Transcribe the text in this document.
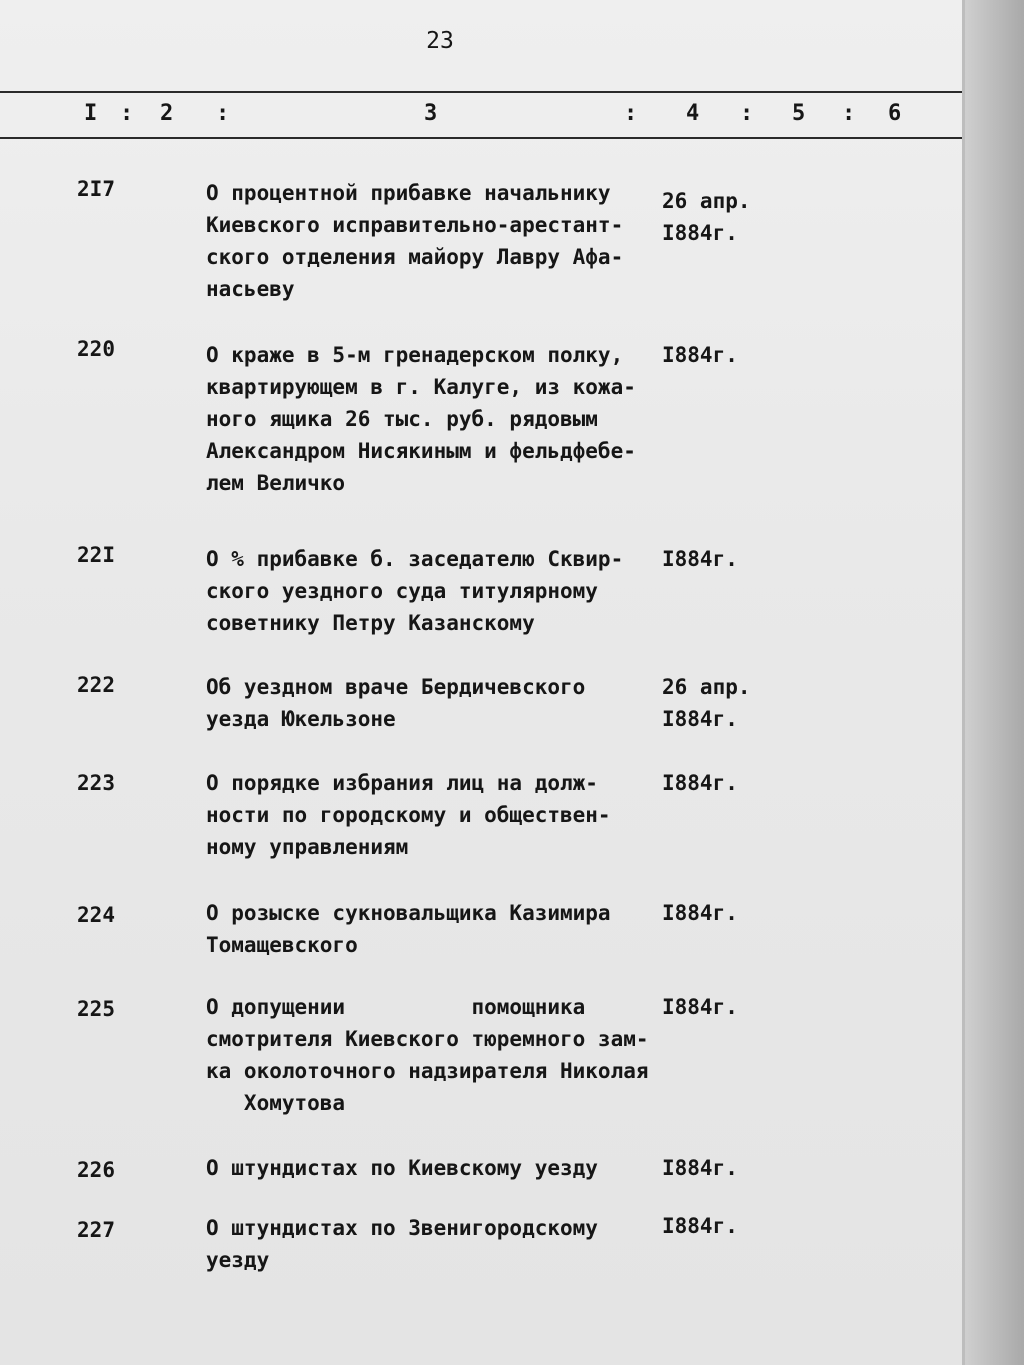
23
I : 2 :	3	: 4 : 5 : 6
2I7	О процентной прибавке начальнику
Киевского исправительно-арестант-
ского отделения майору Лавру Афа-
насьеву
26 апр.
I884г.
220	О краже в 5-м гренадерском полку,
квартирующем в г. Калуге, из кожа-
ного ящика 26 тыс. руб. рядовым
Александром Нисякиным и фельдфебе-
лем Величко
I884г.
22I	О % прибавке б. заседателю Сквир-
ского уездного суда титулярному
советнику Петру Казанскому
I884г.
222	Об уездном враче Бердичевского
уезда Юкельзоне
26 апр.
I884г.
223	О порядке избрания лиц на долж-
ности по городскому и обществен-
ному управлениям
I884г.
224	О розыске сукновальщика Казимира
Томащевского
I884г.
225	О допущении          помощника
смотрителя Киевского тюремного зам-
ка околоточного надзирателя Николая
Хомутова
I884г.
226	О штундистах по Киевскому уезду	I884г.
227	О штундистах по Звенигородскому
уезду
I884г.
